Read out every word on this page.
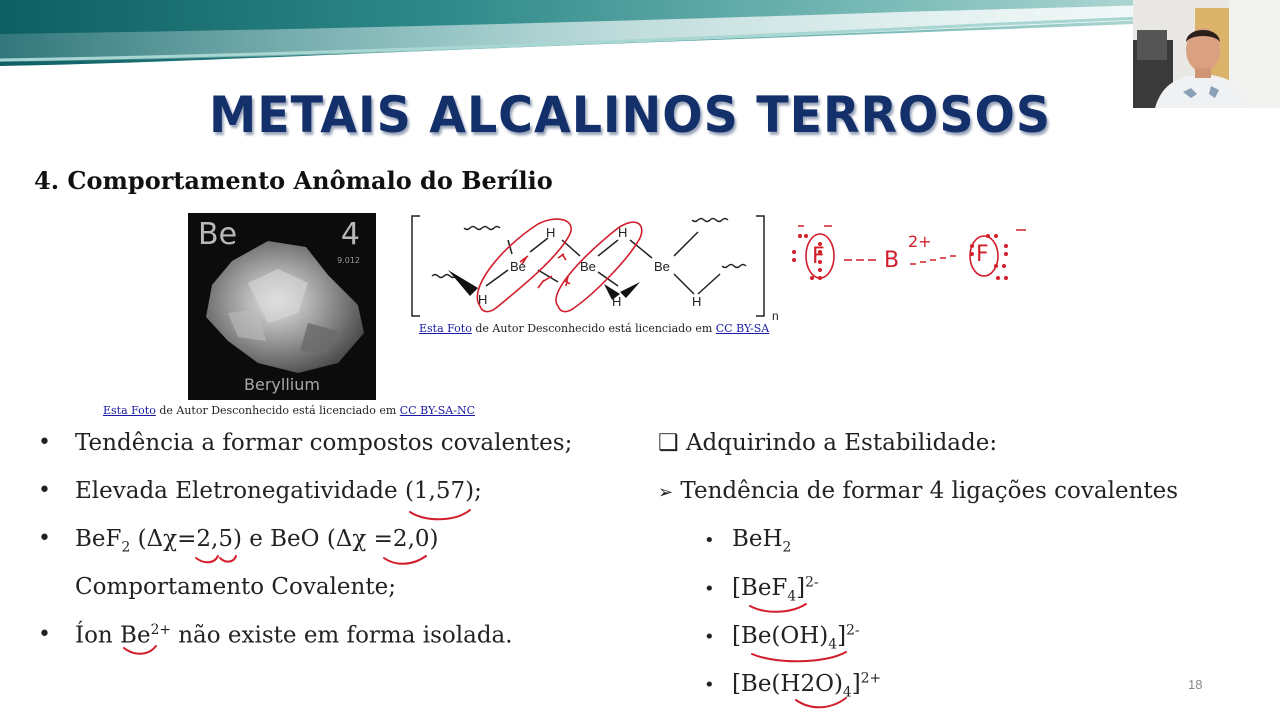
METAIS ALCALINOS TERROSOS
4. Comportamento Anômalo do Berílio
Be	4
9.012
Beryllium
Esta Foto de Autor Desconhecido está licenciado em CC BY-SA-NC
Be	Be	Be
H	H
H	H	H
n
Esta Foto de Autor Desconhecido está licenciado em CC BY-SA
F	B
2+
F
• Tendência a formar compostos covalentes;
• Elevada Eletronegatividade (1,57);
• BeF$_2$ (Δχ=2,5) e BeO (Δχ =2,0)
Comportamento Covalente;
• Íon $Be^{2+}$ não existe em forma isolada.
❑ Adquirindo a Estabilidade:
➢ Tendência de formar 4 ligações covalentes
• BeH$_2$
• $[BeF_4]^{2-}$
• $[Be(OH)_4]^{2-}$
• $[Be(H2O)_4]^{2+}$	18
